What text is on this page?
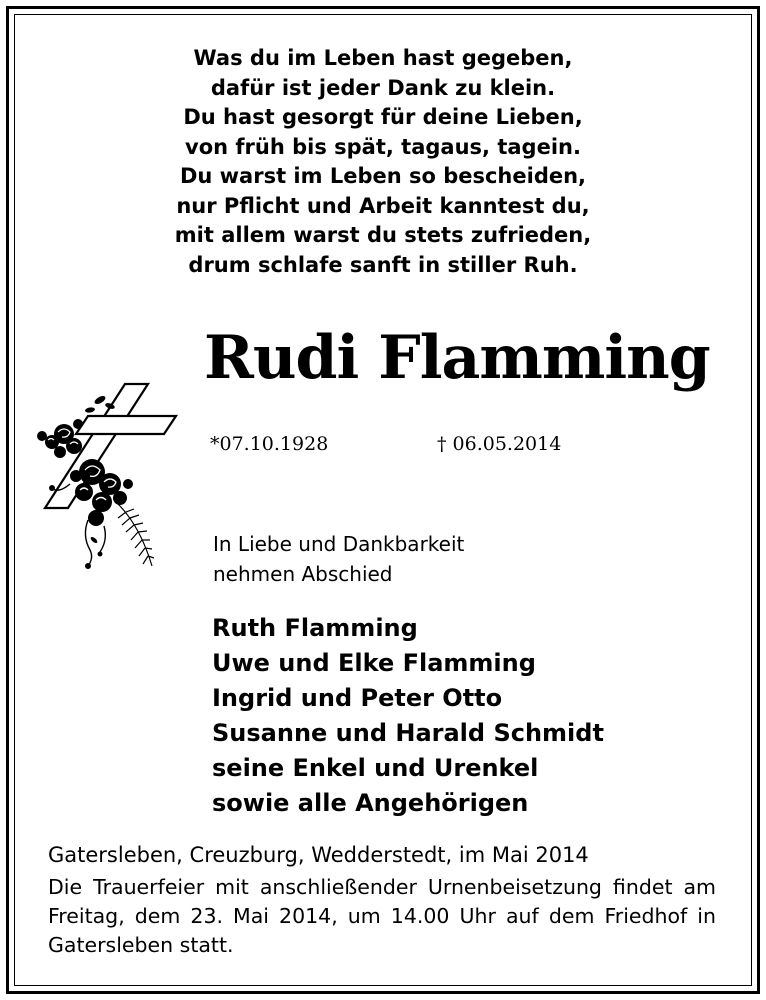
Was du im Leben hast gegeben,
dafür ist jeder Dank zu klein.
Du hast gesorgt für deine Lieben,
von früh bis spät, tagaus, tagein.
Du warst im Leben so bescheiden,
nur Pflicht und Arbeit kanntest du,
mit allem warst du stets zufrieden,
drum schlafe sanft in stiller Ruh.
Rudi Flamming
*07.10.1928	† 06.05.2014
In Liebe und Dankbarkeit
nehmen Abschied
Ruth Flamming
Uwe und Elke Flamming
Ingrid und Peter Otto
Susanne und Harald Schmidt
seine Enkel und Urenkel
sowie alle Angehörigen
Gatersleben, Creuzburg, Wedderstedt, im Mai 2014
Die Trauerfeier mit anschließender Urnenbeisetzung findet am Freitag, dem 23. Mai 2014, um 14.00 Uhr auf dem Friedhof in Gatersleben statt.
